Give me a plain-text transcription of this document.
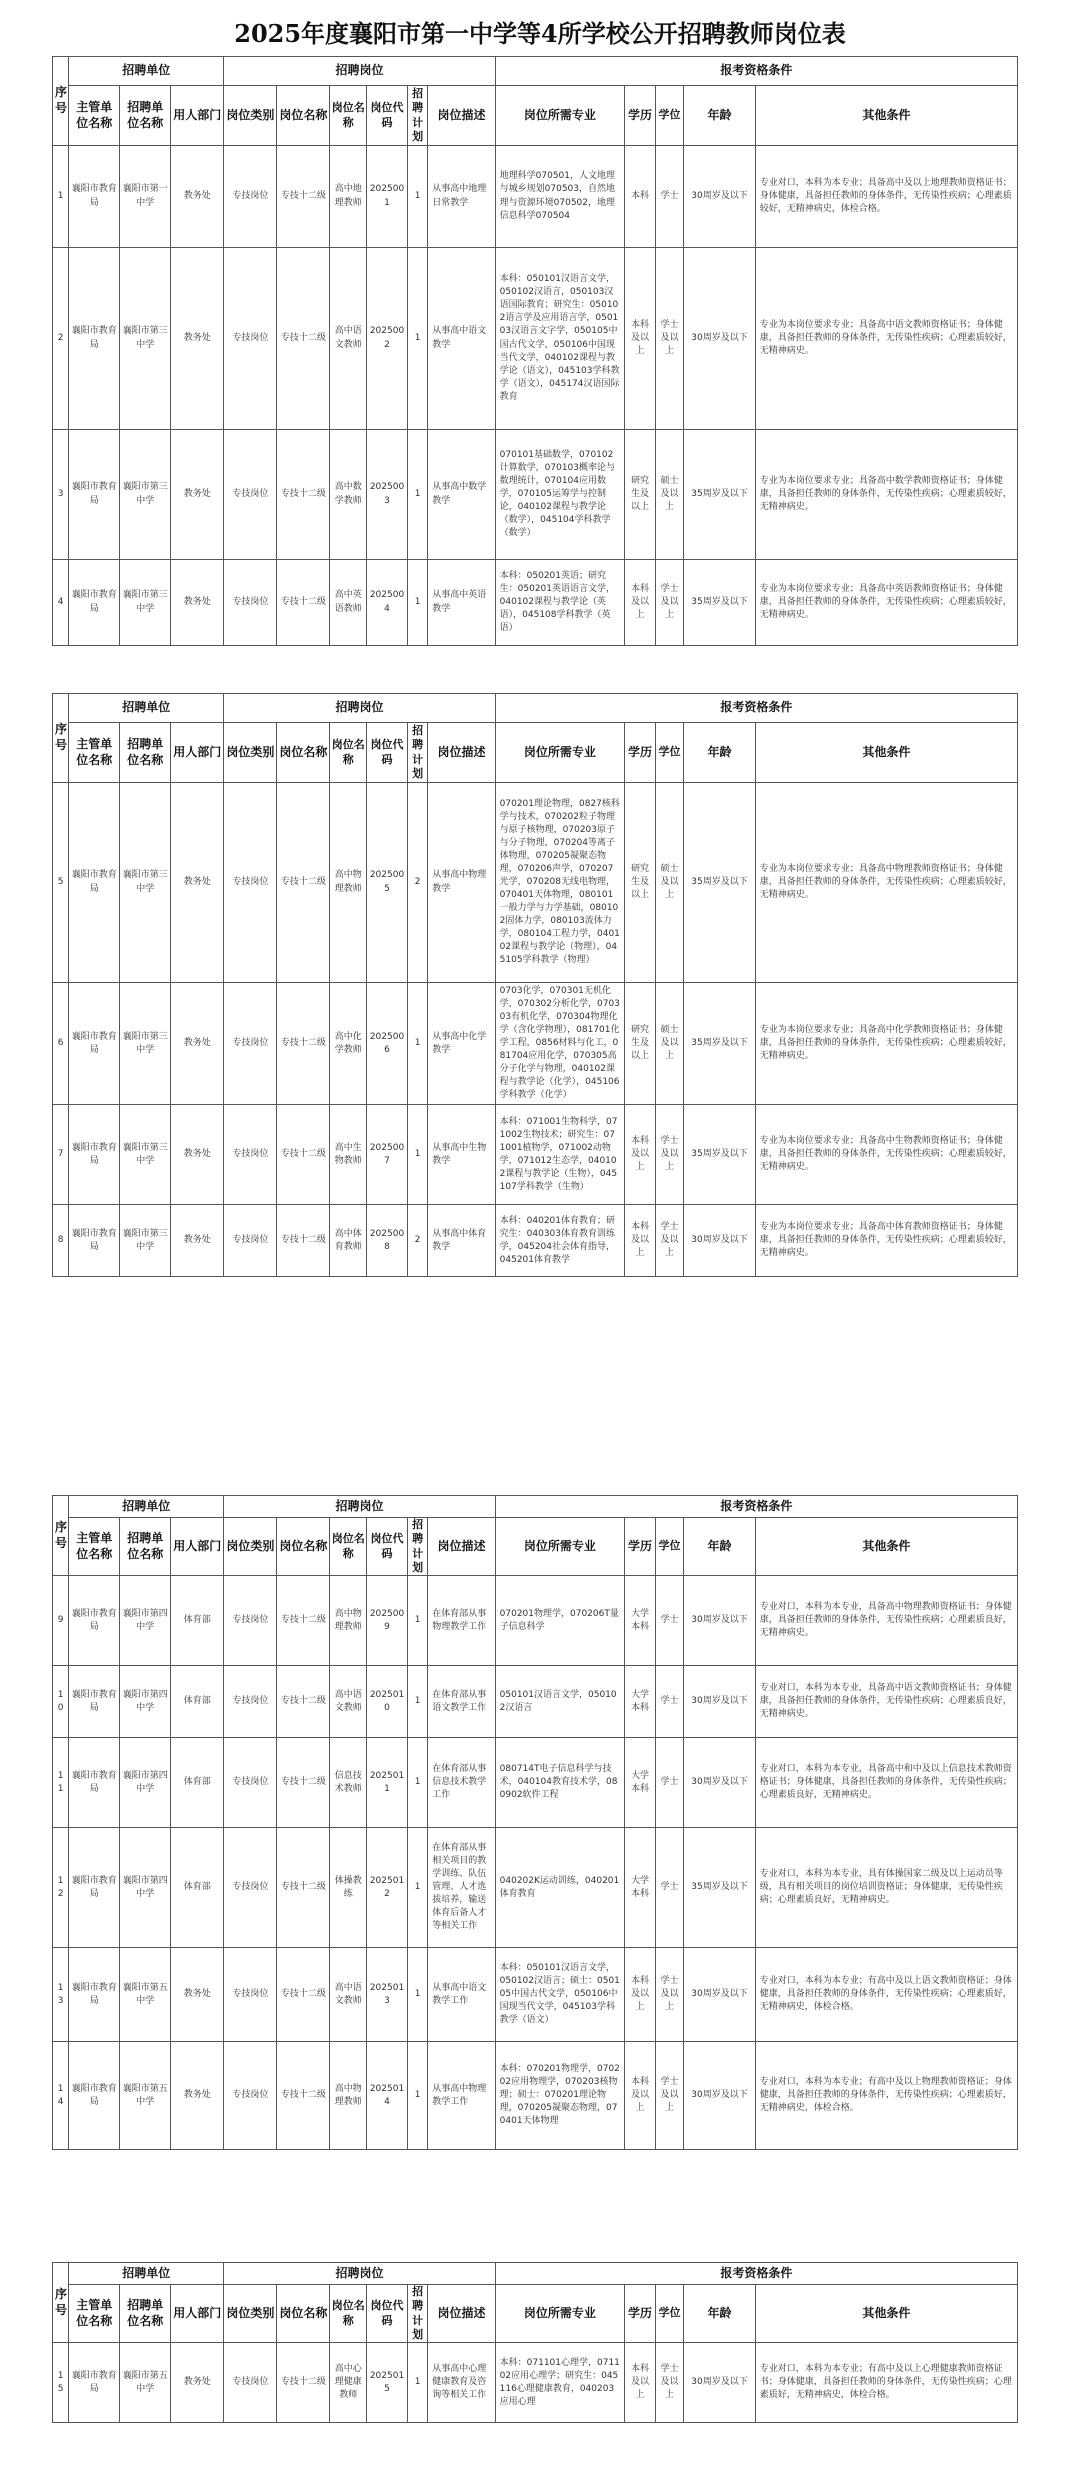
2025年度襄阳市第一中学等4所学校公开招聘教师岗位表
序号	招聘单位			招聘岗位						报考资格条件				
	主管单位名称	招聘单位名称	用人部门	岗位类别	岗位名称	岗位名称	岗位代码	招聘计划	岗位描述	岗位所需专业	学历	学位	年龄	其他条件
1	襄阳市教育局	襄阳市第一中学	教务处	专技岗位	专技十二级	高中地理教师	2025001	1	从事高中地理日常教学	地理科学070501，人文地理与城乡规划070503，自然地理与资源环境070502，地理信息科学070504	本科	学士	30周岁及以下	专业对口，本科为本专业；具备高中及以上地理教师资格证书；身体健康，具备担任教师的身体条件，无传染性疾病；心理素质较好，无精神病史，体检合格。
2	襄阳市教育局	襄阳市第三中学	教务处	专技岗位	专技十二级	高中语文教师	2025002	1	从事高中语文教学	本科：050101汉语言文学，050102汉语言，050103汉语国际教育；研究生：050102语言学及应用语言学，050103汉语言文字学，050105中国古代文学，050106中国现当代文学，040102课程与教学论（语文），045103学科教学（语文），045174汉语国际教育	本科及以上	学士及以上	30周岁及以下	专业为本岗位要求专业；具备高中语文教师资格证书；身体健康，具备担任教师的身体条件，无传染性疾病；心理素质较好，无精神病史。
3	襄阳市教育局	襄阳市第三中学	教务处	专技岗位	专技十二级	高中数学教师	2025003	1	从事高中数学教学	070101基础数学，070102计算数学，070103概率论与数理统计，070104应用数学，070105运筹学与控制论，040102课程与教学论（数学），045104学科教学（数学）	研究生及以上	硕士及以上	35周岁及以下	专业为本岗位要求专业；具备高中数学教师资格证书；身体健康，具备担任教师的身体条件，无传染性疾病；心理素质较好，无精神病史。
4	襄阳市教育局	襄阳市第三中学	教务处	专技岗位	专技十二级	高中英语教师	2025004	1	从事高中英语教学	本科：050201英语；研究生：050201英语语言文学，040102课程与教学论（英语），045108学科教学（英语）	本科及以上	学士及以上	35周岁及以下	专业为本岗位要求专业；具备高中英语教师资格证书；身体健康，具备担任教师的身体条件，无传染性疾病；心理素质较好，无精神病史。
序号	招聘单位			招聘岗位						报考资格条件				
	主管单位名称	招聘单位名称	用人部门	岗位类别	岗位名称	岗位名称	岗位代码	招聘计划	岗位描述	岗位所需专业	学历	学位	年龄	其他条件
5	襄阳市教育局	襄阳市第三中学	教务处	专技岗位	专技十二级	高中物理教师	2025005	2	从事高中物理教学	070201理论物理，0827核科学与技术，070202粒子物理与原子核物理，070203原子与分子物理，070204等离子体物理，070205凝聚态物理，070206声学，070207光学，070208无线电物理，070401天体物理，080101一般力学与力学基础，080102固体力学，080103流体力学，080104工程力学，040102课程与教学论（物理），045105学科教学（物理）	研究生及以上	硕士及以上	35周岁及以下	专业为本岗位要求专业；具备高中物理教师资格证书；身体健康，具备担任教师的身体条件，无传染性疾病；心理素质较好，无精神病史。
6	襄阳市教育局	襄阳市第三中学	教务处	专技岗位	专技十二级	高中化学教师	2025006	1	从事高中化学教学	0703化学，070301无机化学，070302分析化学，070303有机化学，070304物理化学（含化学物理），081701化学工程，0856材料与化工，081704应用化学，070305高分子化学与物理，040102课程与教学论（化学），045106学科教学（化学）	研究生及以上	硕士及以上	35周岁及以下	专业为本岗位要求专业；具备高中化学教师资格证书；身体健康，具备担任教师的身体条件，无传染性疾病；心理素质较好，无精神病史。
7	襄阳市教育局	襄阳市第三中学	教务处	专技岗位	专技十二级	高中生物教师	2025007	1	从事高中生物教学	本科：071001生物科学，071002生物技术；研究生：071001植物学，071002动物学，071012生态学，040102课程与教学论（生物），045107学科教学（生物）	本科及以上	学士及以上	35周岁及以下	专业为本岗位要求专业；具备高中生物教师资格证书；身体健康，具备担任教师的身体条件，无传染性疾病；心理素质较好，无精神病史。
8	襄阳市教育局	襄阳市第三中学	教务处	专技岗位	专技十二级	高中体育教师	2025008	2	从事高中体育教学	本科：040201体育教育；研究生：040303体育教育训练学，045204社会体育指导，045201体育教学	本科及以上	学士及以上	30周岁及以下	专业为本岗位要求专业；具备高中体育教师资格证书；身体健康，具备担任教师的身体条件，无传染性疾病；心理素质较好，无精神病史。
序号	招聘单位			招聘岗位						报考资格条件				
	主管单位名称	招聘单位名称	用人部门	岗位类别	岗位名称	岗位名称	岗位代码	招聘计划	岗位描述	岗位所需专业	学历	学位	年龄	其他条件
9	襄阳市教育局	襄阳市第四中学	体育部	专技岗位	专技十二级	高中物理教师	2025009	1	在体育部从事物理教学工作	070201物理学，070206T量子信息科学	大学本科	学士	30周岁及以下	专业对口，本科为本专业，具备高中物理教师资格证书；身体健康，具备担任教师的身体条件，无传染性疾病；心理素质良好，无精神病史。
10	襄阳市教育局	襄阳市第四中学	体育部	专技岗位	专技十二级	高中语文教师	2025010	1	在体育部从事语文教学工作	050101汉语言文学，050102汉语言	大学本科	学士	30周岁及以下	专业对口，本科为本专业，具备高中语文教师资格证书；身体健康，具备担任教师的身体条件，无传染性疾病；心理素质良好，无精神病史。
11	襄阳市教育局	襄阳市第四中学	体育部	专技岗位	专技十二级	信息技术教师	2025011	1	在体育部从事信息技术教学工作	080714T电子信息科学与技术，040104教育技术学，080902软件工程	大学本科	学士	30周岁及以下	专业对口，本科为本专业，具备高中和中及以上信息技术教师资格证书；身体健康，具备担任教师的身体条件，无传染性疾病；心理素质良好，无精神病史。
12	襄阳市教育局	襄阳市第四中学	体育部	专技岗位	专技十二级	体操教练	2025012	1	在体育部从事相关项目的教学训练、队伍管理、人才选拔培养，输送体育后备人才等相关工作	040202K运动训练，040201体育教育	大学本科	学士	35周岁及以下	专业对口，本科为本专业，具有体操国家二级及以上运动员等级，具有相关项目的岗位培训资格证；身体健康，无传染性疾病；心理素质良好，无精神病史。
13	襄阳市教育局	襄阳市第五中学	教务处	专技岗位	专技十二级	高中语文教师	2025013	1	从事高中语文教学工作	本科：050101汉语言文学，050102汉语言；硕士：050105中国古代文学，050106中国现当代文学，045103学科教学（语文）	本科及以上	学士及以上	30周岁及以下	专业对口，本科为本专业；有高中及以上语文教师资格证；身体健康，具备担任教师的身体条件，无传染性疾病；心理素质好，无精神病史，体检合格。
14	襄阳市教育局	襄阳市第五中学	教务处	专技岗位	专技十二级	高中物理教师	2025014	1	从事高中物理教学工作	本科：070201物理学，070202应用物理学，070203核物理；硕士：070201理论物理，070205凝聚态物理，070401天体物理	本科及以上	学士及以上	30周岁及以下	专业对口，本科为本专业；有高中及以上物理教师资格证；身体健康，具备担任教师的身体条件，无传染性疾病；心理素质好，无精神病史，体检合格。
序号	招聘单位			招聘岗位						报考资格条件				
	主管单位名称	招聘单位名称	用人部门	岗位类别	岗位名称	岗位名称	岗位代码	招聘计划	岗位描述	岗位所需专业	学历	学位	年龄	其他条件
15	襄阳市教育局	襄阳市第五中学	教务处	专技岗位	专技十二级	高中心理健康教师	2025015	1	从事高中心理健康教育及咨询等相关工作	本科：071101心理学，071102应用心理学；研究生：045116心理健康教育，040203应用心理	本科及以上	学士及以上	30周岁及以下	专业对口，本科为本专业；有高中及以上心理健康教师资格证书；身体健康，具备担任教师的身体条件，无传染性疾病；心理素质好，无精神病史，体检合格。
